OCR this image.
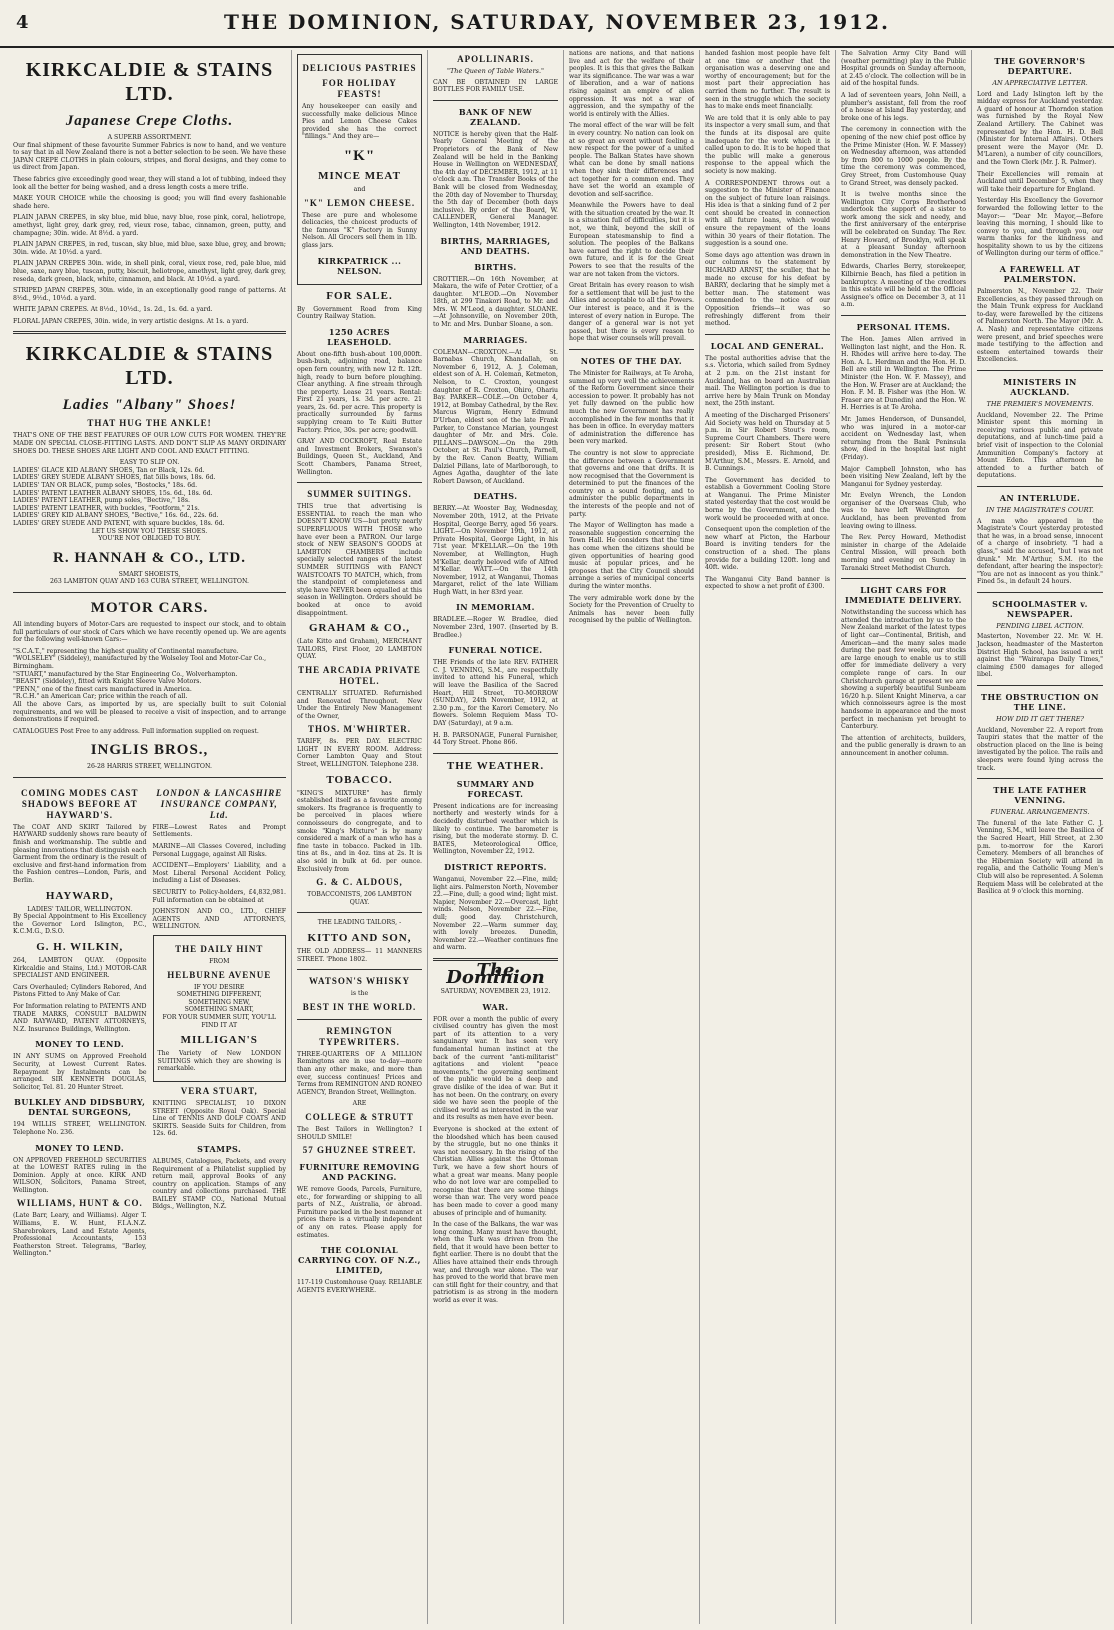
4	THE DOMINION, SATURDAY, NOVEMBER 23, 1912.
KIRKCALDIE & STAINS LTD.
Japanese Crepe Cloths.
A SUPERB ASSORTMENT.

Our final shipment of these favourite Summer Fabrics is now to hand, and we venture to say that in all New Zealand there is not a better selection to be seen. We have these JAPAN CREPE CLOTHS in plain colours, stripes, and floral designs, and they come to us direct from Japan.

These fabrics give exceedingly good wear, they will stand a lot of tubbing, indeed they look all the better for being washed, and a dress length costs a mere trifle.

MAKE YOUR CHOICE while the choosing is good; you will find every fashionable shade here.

PLAIN JAPAN CREPES, in sky blue, mid blue, navy blue, rose pink, coral, heliotrope, amethyst, light grey, dark grey, red, vieux rose, tabac, cinnamon, green, putty, and champagne; 30in. wide. At 8½d. a yard.

PLAIN JAPAN CREPES, in red, tuscan, sky blue, mid blue, saxe blue, grey, and brown; 30in. wide. At 10½d. a yard.

PLAIN JAPAN CREPES 30in. wide, in shell pink, coral, vieux rose, red, pale blue, mid blue, saxe, navy blue, tuscan, putty, biscuit, heliotrope, amethyst, light grey, dark grey, reseda, dark green, black, white, cinnamon, and black. At 10½d. a yard.

STRIPED JAPAN CREPES, 30in. wide, in an exceptionally good range of patterns. At 8½d., 9½d., 10½d. a yard.

WHITE JAPAN CREPES. At 8½d., 10½d., 1s. 2d., 1s. 6d. a yard.

FLORAL JAPAN CREPES, 30in. wide, in very artistic designs. At 1s. a yard.

KIRKCALDIE & STAINS LTD.
Ladies "Albany" Shoes!
THAT HUG THE ANKLE!

THAT'S ONE OF THE BEST FEATURES OF OUR LOW CUTS FOR WOMEN. THEY'RE MADE ON SPECIAL CLOSE-FITTING LASTS. AND DON'T SLIP AS MANY ORDINARY SHOES DO. THESE SHOES ARE LIGHT AND COOL AND EXACT FITTING.

EASY TO SLIP ON.
LADIES' GLACE KID ALBANY SHOES, Tan or Black, 12s. 6d.
LADIES' GREY SUEDE ALBANY SHOES, flat 5ills bows, 18s. 6d.
LADIES' TAN OR BLACK, pump soles, "Bostocks," 18s. 6d.
LADIES' PATENT LEATHER ALBANY SHOES, 15s. 6d., 18s. 6d.
LADIES' PATENT LEATHER, pump soles, "Bective," 18s.
LADIES' PATENT LEATHER, with buckles, "Footform," 21s.
LADIES' GREY KID ALBANY SHOES, "Bective," 16s. 6d., 22s. 6d.
LADIES' GREY SUEDE AND PATENT, with square buckles, 18s. 6d.
LET US SHOW YOU THESE SHOES.
YOU'RE NOT OBLIGED TO BUY.
R. HANNAH & CO., LTD.
SMART SHOEISTS,
263 LAMBTON QUAY AND 163 CUBA STREET, WELLINGTON.
MOTOR CARS.

All intending buyers of Motor-Cars are requested to inspect our stock, and to obtain full particulars of our stock of Cars which we have recently opened up. We are agents for the following well-known Cars:—

"S.C.A.T.," representing the highest quality of Continental manufacture.
"WOLSELEY" (Siddeley), manufactured by the Wolseley Tool and Motor-Car Co., Birmingham.
"STUART," manufactured by the Star Engineering Co., Wolverhampton.
"BEAST" (Siddeley), fitted with Knight Sleeve Valve Motors.
"PENN," one of the finest cars manufactured in America.
"R.C.H." an American Car; price within the reach of all.

All the above Cars, as imported by us, are specially built to suit Colonial requirements, and we will be pleased to receive a visit of inspection, and to arrange demonstrations if required.

CATALOGUES Post Free to any address. Full information supplied on request.

INGLIS BROS.,
26-28 HARRIS STREET, WELLINGTON.
COMING MODES CAST SHADOWS BEFORE AT HAYWARD'S.

The COAT AND SKIRT Tailored by HAYWARD suddenly shows rare beauty of finish and workmanship. The subtle and pleasing innovations that distinguish each Garment from the ordinary is the result of exclusive and first-hand information from the Fashion centres—London, Paris, and Berlin.

HAYWARD,
LADIES' TAILOR, WELLINGTON.

By Special Appointment to His Excellency the Governor Lord Islington, P.C., K.C.M.G., D.S.O.

G. H. WILKIN,

264, LAMBTON QUAY. (Opposite Kirkcaldie and Stains, Ltd.) MOTOR-CAR SPECIALIST AND ENGINEER.

Cars Overhauled; Cylinders Rebored, And Pistons Fitted to Any Make of Car.

For Information relating to PATENTS AND TRADE MARKS, CONSULT BALDWIN AND RAYWARD, PATENT ATTORNEYS, N.Z. Insurance Buildings, Wellington.

MONEY TO LEND.

IN ANY SUMS on Approved Freehold Security, at Lowest Current Rates. Repayment by Instalments can be arranged. SIR KENNETH DOUGLAS, Solicitor, Tel. 81. 20 Hunter Street.

BULKLEY AND DIDSBURY, DENTAL SURGEONS,

194 WILLIS STREET, WELLINGTON. Telephone No. 236.

MONEY TO LEND.

ON APPROVED FREEHOLD SECURITIES at the LOWEST RATES ruling in the Dominion. Apply at once. KIRK AND WILSON, Solicitors, Panama Street, Wellington.

WILLIAMS, HUNT & CO.

(Late Barr, Leary, and Williams). Alger T. Williams, E. W. Hunt, F.I.A.N.Z. Sharebrokers, Land and Estate Agents, Professional Accountants, 153 Featherston Street. Telegrams, "Barley, Wellington."

LONDON & LANCASHIRE INSURANCE COMPANY, Ltd.

FIRE—Lowest Rates and Prompt Settlements.

MARINE—All Classes Covered, including Personal Luggage, against All Risks.

ACCIDENT—Employers' Liability, and a Most Liberal Personal Accident Policy, including a List of Diseases.

SECURITY to Policy-holders, £4,832,981. Full information can be obtained at

JOHNSTON AND CO., LTD., CHIEF AGENTS AND ATTORNEYS, WELLINGTON.

THE DAILY HINT
FROM
HELBURNE AVENUE
IF YOU DESIRE
SOMETHING DIFFERENT,
SOMETHING NEW,
SOMETHING SMART,
FOR YOUR SUMMER SUIT, YOU'LL FIND IT AT
MILLIGAN'S

The Variety of New LONDON SUITINGS which they are showing is remarkable.

VERA STUART,

KNITTING SPECIALIST, 10 DIXON STREET (Opposite Royal Oak). Special Line of TENNIS AND GOLF COATS AND SKIRTS. Seaside Suits for Children, from 12s. 6d.

STAMPS.

ALBUMS, Catalogues, Packets, and every Requirement of a Philatelist supplied by return mail, approval Books of any country on application. Stamps of any country and collections purchased. THE BAILEY STAMP CO., National Mutual Bldgs., Wellington, N.Z.

DELICIOUS PASTRIES
FOR HOLIDAY FEASTS!

Any housekeeper can easily and successfully make delicious Mince Pies and Lemon Cheese Cakes provided she has the correct "fillings." And they are—

"K"
MINCE MEAT
and
"K" LEMON CHEESE.

These are pure and wholesome delicacies, the choicest products of the famous "K" Factory in Sunny Nelson. All Grocers sell them in 1lb. glass jars.

KIRKPATRICK ... NELSON.
FOR SALE.

By Government Road from King Country Railway Station.

1250 ACRES LEASEHOLD.

About one-fifth bush-about 100,000ft. bush-bush, adjoining road, balance open fern country, with new 12 ft. 12ft. high, ready to burn before ploughing. Clear anything. A fine stream through the property. Lease 21 years. Rental: First 21 years, 1s. 3d. per acre. 21 years, 2s. 6d. per acre. This property is practically surrounded by farms supplying cream to Te Kuiti Butter Factory. Price, 30s. per acre; goodwill.

GRAY AND COCKROFT, Real Estate and Investment Brokers, Swanson's Buildings, Queen St., Auckland, And Scott Chambers, Panama Street, Wellington.

SUMMER SUITINGS.

THIS true that advertising is ESSENTIAL to reach the man who DOESN'T KNOW US—but pretty nearly SUPERFLUOUS WITH THOSE who have ever been a PATRON. Our large stock of NEW SEASON'S GOODS at LAMBTON CHAMBERS include specially selected ranges of the latest SUMMER SUITINGS with FANCY WAISTCOATS TO MATCH, which, from the standpoint of completeness and style have NEVER been equalled at this season in Wellington. Orders should be booked at once to avoid disappointment.

GRAHAM & CO.,

(Late Kitto and Graham), MERCHANT TAILORS, First Floor, 20 LAMBTON QUAY.

THE ARCADIA PRIVATE HOTEL.

CENTRALLY SITUATED. Refurnished and Renovated Throughout. New Under the Entirely New Management of the Owner,

THOS. M'WHIRTER.

TARIFF, 8s. PER DAY. ELECTRIC LIGHT IN EVERY ROOM. Address: Corner Lambton Quay and Stout Street, WELLINGTON. Telephone 238.

TOBACCO.

"KING'S MIXTURE" has firmly established itself as a favourite among smokers. Its fragrance is frequently to be perceived in places where connoisseurs do congregate, and to smoke "King's Mixture" is by many considered a mark of a man who has a fine taste in tobacco. Packed in 1lb. tins at 8s., and in 4oz. tins at 2s. It is also sold in bulk at 6d. per ounce. Exclusively from

G. & C. ALDOUS,
TOBACCONISTS, 206 LAMBTON QUAY.
THE LEADING TAILORS, -
KITTO AND SON,

THE OLD ADDRESS— 11 MANNERS STREET. 'Phone 1802.

WATSON'S WHISKY
is the
BEST IN THE WORLD.
REMINGTON TYPEWRITERS.

THREE-QUARTERS OF A MILLION Remingtons are in use to-day—more than any other make, and more than ever, success continues! Prices and Terms from REMINGTON AND RONEO AGENCY, Brandon Street, Wellington.

ARE
COLLEGE & STRUTT

The Best Tailors in Wellington? I SHOULD SMILE!

57 GHUZNEE STREET.
FURNITURE REMOVING AND PACKING.

WE remove Goods, Parcels, Furniture, etc., for forwarding or shipping to all parts of N.Z., Australia, or abroad. Furniture packed in the best manner at prices there is a virtually independent of any on rates. Please apply for estimates.

THE COLONIAL CARRYING COY. OF N.Z., LIMITED,

117-119 Customhouse Quay. RELIABLE AGENTS EVERYWHERE.

APOLLINARIS.
"The Queen of Table Waters."

CAN BE OBTAINED IN LARGE BOTTLES FOR FAMILY USE.

BANK OF NEW ZEALAND.

NOTICE is hereby given that the Half-Yearly General Meeting of the Proprietors of the Bank of New Zealand will be held in the Banking House in Wellington on WEDNESDAY, the 4th day of DECEMBER, 1912, at 11 o'clock a.m. The Transfer Books of the Bank will be closed from Wednesday, the 20th day of November to Thursday, the 5th day of December (both days inclusive). By order of the Board, W. CALLENDER, General Manager. Wellington, 14th November, 1912.

BIRTHS, MARRIAGES, AND DEATHS.
BIRTHS.

CROTTIER.—On 16th November, at Makara, the wife of Peter Crottier, of a daughter. M'LEOD.—On November 18th, at 299 Tinakori Road, to Mr. and Mrs. W. M'Leod, a daughter. SLOANE.—At Johnsonville, on November 20th, to Mr. and Mrs. Dunbar Sloane, a son.

MARRIAGES.

COLEMAN—CROXTON.—At St. Barnabas Church, Khandallah, on November 6, 1912, A. J. Coleman, eldest son of A. H. Coleman, Ketmeton, Nelson, to C. Croxton, youngest daughter of R. Croxton, Ohiro, Ohariu Bay. PARKER—COLE.—On October 4, 1912, at Bombay Cathedral, by the Rev. Marcus Wigram, Henry Edmund D'Urban, eldest son of the late Frank Parker, to Constance Marian, youngest daughter of Mr. and Mrs. Cole. PILLANS—DAWSON.—On the 29th October, at St. Paul's Church, Parnell, by the Rev. Canon Beatty, William Dalziel Pillans, late of Marlborough, to Agnes Agatha, daughter of the late Robert Dawson, of Auckland.

DEATHS.

BERRY.—At Wooster Bay, Wednesday, November 20th, 1912, at the Private Hospital, George Berry, aged 56 years. LIGHT.—On November 19th, 1912, at Private Hospital, George Light, in his 71st year. M'KELLAR.—On the 19th November, at Wellington, Hugh M'Kellar, dearly beloved wife of Alfred M'Kellar. WATT.—On the 14th November, 1912, at Wanganui, Thomas Margaret, relict of the late William Hugh Watt, in her 83rd year.

IN MEMORIAM.

BRADLEE.—Roger W. Bradlee, died November 23rd, 1907. (Inserted by B. Bradlee.)

FUNERAL NOTICE.

THE Friends of the late REV. FATHER C. J. VENNING, S.M., are respectfully invited to attend his Funeral, which will leave the Basilica of the Sacred Heart, Hill Street, TO-MORROW (SUNDAY), 24th November, 1912, at 2.30 p.m., for the Karori Cemetery. No flowers. Solemn Requiem Mass TO-DAY (Saturday), at 9 a.m.

H. B. PARSONAGE, Funeral Furnisher, 44 Tory Street. Phone 866.

THE WEATHER.
SUMMARY AND FORECAST.

Present indications are for increasing northerly and westerly winds for a decidedly disturbed weather which is likely to continue. The barometer is rising, but the moderate stormy. D. C. BATES, Meteorological Office, Wellington, November 22, 1912.

DISTRICT REPORTS.

Wanganui, November 22.—Fine, mild; light airs. Palmerston North, November 22.—Fine, dull; a good wind; light mist. Napier, November 22.—Overcast, light winds. Nelson, November 22.—Fine, dull; good day. Christchurch, November 22.—Warm summer day, with lovely breezes. Dunedin, November 22.—Weather continues fine and warm.

The Dominion
SATURDAY, NOVEMBER 23, 1912.
WAR.

FOR over a month the public of every civilised country has given the most part of its attention to a very sanguinary war. It has seen very fundamental human instinct at the back of the current "anti-militarist" agitations and violent "peace movements," the governing sentiment of the public would be a deep and grave dislike of the idea of war. But it has not been. On the contrary, on every side we have seen the people of the civilised world as interested in the war and its results as men have ever been.

Everyone is shocked at the extent of the bloodshed which has been caused by the struggle, but no one thinks it was not necessary. In the rising of the Christian Allies against the Ottoman Turk, we have a few short hours of what a great war means. Many people who do not love war are compelled to recognise that there are some things worse than war. The very word peace has been made to cover a good many abuses of principle and of humanity.

In the case of the Balkans, the war was long coming. Many must have thought, when the Turk was driven from the field, that it would have been better to fight earlier. There is no doubt that the Allies have attained their ends through war, and through war alone. The war has proved to the world that brave men can still fight for their country, and that patriotism is as strong in the modern world as ever it was.

nations are nations, and that nations live and act for the welfare of their peoples. It is this that gives the Balkan war its significance. The war was a war of liberation, and a war of nations rising against an empire of alien oppression. It was not a war of aggression, and the sympathy of the world is entirely with the Allies.

The moral effect of the war will be felt in every country. No nation can look on at so great an event without feeling a new respect for the power of a united people. The Balkan States have shown what can be done by small nations when they sink their differences and act together for a common end. They have set the world an example of devotion and self-sacrifice.

Meanwhile the Powers have to deal with the situation created by the war. It is a situation full of difficulties, but it is not, we think, beyond the skill of European statesmanship to find a solution. The peoples of the Balkans have earned the right to decide their own future, and it is for the Great Powers to see that the results of the war are not taken from the victors.

Great Britain has every reason to wish for a settlement that will be just to the Allies and acceptable to all the Powers. Our interest is peace, and it is the interest of every nation in Europe. The danger of a general war is not yet passed, but there is every reason to hope that wiser counsels will prevail.

NOTES OF THE DAY.

The Minister for Railways, at Te Aroha, summed up very well the achievements of the Reform Government since their accession to power. It probably has not yet fully dawned on the public how much the new Government has really accomplished in the few months that it has been in office. In everyday matters of administration the difference has been very marked.

The country is not slow to appreciate the difference between a Government that governs and one that drifts. It is now recognised that the Government is determined to put the finances of the country on a sound footing, and to administer the public departments in the interests of the people and not of party.

The Mayor of Wellington has made a reasonable suggestion concerning the Town Hall. He considers that the time has come when the citizens should be given opportunities of hearing good music at popular prices, and he proposes that the City Council should arrange a series of municipal concerts during the winter months.

The very admirable work done by the Society for the Prevention of Cruelty to Animals has never been fully recognised by the public of Wellington.

handed fashion most people have felt at one time or another that the organisation was a deserving one and worthy of encouragement; but for the most part their appreciation has carried them no further. The result is seen in the struggle which the society has to make ends meet financially.

We are told that it is only able to pay its inspector a very small sum, and that the funds at its disposal are quite inadequate for the work which it is called upon to do. It is to be hoped that the public will make a generous response to the appeal which the society is now making.

A CORRESPONDENT throws out a suggestion to the Minister of Finance on the subject of future loan raisings. His idea is that a sinking fund of 2 per cent should be created in connection with all future loans, which would ensure the repayment of the loans within 30 years of their flotation. The suggestion is a sound one.

Some days ago attention was drawn in our columns to the statement by RICHARD ARNST, the sculler, that he made no excuse for his defeat by BARRY, declaring that he simply met a better man. The statement was commended to the notice of our Opposition friends—it was so refreshingly different from their method.

LOCAL AND GENERAL.

The postal authorities advise that the s.s. Victoria, which sailed from Sydney at 2 p.m. on the 21st instant for Auckland, has on board an Australian mail. The Wellington portion is due to arrive here by Main Trunk on Monday next, the 25th instant.

A meeting of the Discharged Prisoners' Aid Society was held on Thursday at 5 p.m. in Sir Robert Stout's room, Supreme Court Chambers. There were present: Sir Robert Stout (who presided), Miss E. Richmond, Dr. M'Arthur, S.M., Messrs. E. Arnold, and B. Cunnings.

The Government has decided to establish a Government Cooling Store at Wanganui. The Prime Minister stated yesterday that the cost would be borne by the Government, and the work would be proceeded with at once.

Consequent upon the completion of the new wharf at Picton, the Harbour Board is inviting tenders for the construction of a shed. The plans provide for a building 120ft. long and 40ft. wide.

The Wanganui City Band banner is expected to show a net profit of £300.

The Salvation Army City Band will (weather permitting) play in the Public Hospital grounds on Sunday afternoon, at 2.45 o'clock. The collection will be in aid of the hospital funds.

A lad of seventeen years, John Neill, a plumber's assistant, fell from the roof of a house at Island Bay yesterday, and broke one of his legs.

The ceremony in connection with the opening of the new chief post office by the Prime Minister (Hon. W. F. Massey) on Wednesday afternoon, was attended by from 800 to 1000 people. By the time the ceremony was commenced, Grey Street, from Customhouse Quay to Grand Street, was densely packed.

It is twelve months since the Wellington City Corps Brotherhood undertook the support of a sister to work among the sick and needy, and the first anniversary of the enterprise will be celebrated on Sunday. The Rev. Henry Howard, of Brooklyn, will speak at a pleasant Sunday afternoon demonstration in the New Theatre.

Edwards, Charles Berry, storekeeper, Kilbirnie Beach, has filed a petition in bankruptcy. A meeting of the creditors in this estate will be held at the Official Assignee's office on December 3, at 11 a.m.

PERSONAL ITEMS.

The Hon. James Allen arrived in Wellington last night, and the Hon. R. H. Rhodes will arrive here to-day. The Hon. A. L. Herdman and the Hon. H. D. Bell are still in Wellington. The Prime Minister (the Hon. W. F. Massey), and the Hon. W. Fraser are at Auckland; the Hon. F. M. B. Fisher was (the Hon. W. Fraser are at Dunedin) and the Hon. W. H. Herries is at Te Aroha.

Mr. James Henderson, of Dunsandel, who was injured in a motor-car accident on Wednesday last, when returning from the Bank Peninsula show, died in the hospital last night (Friday).

Major Campbell Johnston, who has been visiting New Zealand, left by the Manganui for Sydney yesterday.

Mr. Evelyn Wrench, the London organiser of the Overseas Club, who was to have left Wellington for Auckland, has been prevented from leaving owing to illness.

The Rev. Percy Howard, Methodist minister in charge of the Adelaide Central Mission, will preach both morning and evening on Sunday in Taranaki Street Methodist Church.

LIGHT CARS FOR IMMEDIATE DELIVERY.

Notwithstanding the success which has attended the introduction by us to the New Zealand market of the latest types of light car—Continental, British, and American—and the many sales made during the past few weeks, our stocks are large enough to enable us to still offer for immediate delivery a very complete range of cars. In our Christchurch garage at present we are showing a superbly beautiful Sunbeam 16/20 h.p. Silent Knight Minerva, a car which connoisseurs agree is the most handsome in appearance and the most perfect in mechanism yet brought to Canterbury.

The attention of architects, builders, and the public generally is drawn to an announcement in another column.

THE GOVERNOR'S DEPARTURE.
AN APPRECIATIVE LETTER.

Lord and Lady Islington left by the midday express for Auckland yesterday. A guard of honour at Thorndon station was furnished by the Royal New Zealand Artillery. The Cabinet was represented by the Hon. H. D. Bell (Minister for Internal Affairs). Others present were the Mayor (Mr. D. M'Laren), a number of city councillors, and the Town Clerk (Mr. J. R. Palmer).

Their Excellencies will remain at Auckland until December 5, when they will take their departure for England.

Yesterday His Excellency the Governor forwarded the following letter to the Mayor:— "Dear Mr. Mayor,—Before leaving this morning, I should like to convey to you, and through you, our warm thanks for the kindness and hospitality shown to us by the citizens of Wellington during our term of office."

A FAREWELL AT PALMERSTON.

Palmerston N., November 22. Their Excellencies, as they passed through on the Main Trunk express for Auckland to-day, were farewelled by the citizens of Palmerston North. The Mayor (Mr. A. A. Nash) and representative citizens were present, and brief speeches were made testifying to the affection and esteem entertained towards their Excellencies.

MINISTERS IN AUCKLAND.
THE PREMIER'S MOVEMENTS.

Auckland, November 22. The Prime Minister spent this morning in receiving various public and private deputations, and at lunch-time paid a brief visit of inspection to the Colonial Ammunition Company's factory at Mount Eden. This afternoon he attended to a further batch of deputations.

AN INTERLUDE.
IN THE MAGISTRATE'S COURT.

A man who appeared in the Magistrate's Court yesterday protested that he was, in a broad sense, innocent of a charge of insobriety. "I had a glass," said the accused, "but I was not drunk." Mr. M'Arthur, S.M. (to the defendant, after hearing the inspector): "You are not as innocent as you think." Fined 5s., in default 24 hours.

SCHOOLMASTER v. NEWSPAPER.
PENDING LIBEL ACTION.

Masterton, November 22. Mr. W. H. Jackson, headmaster of the Masterton District High School, has issued a writ against the "Wairarapa Daily Times," claiming £500 damages for alleged libel.

THE OBSTRUCTION ON THE LINE.
HOW DID IT GET THERE?

Auckland, November 22. A report from Taupiri states that the matter of the obstruction placed on the line is being investigated by the police. The rails and sleepers were found lying across the track.

THE LATE FATHER VENNING.
FUNERAL ARRANGEMENTS.

The funeral of the late Father C. J. Venning, S.M., will leave the Basilica of the Sacred Heart, Hill Street, at 2.30 p.m. to-morrow for the Karori Cemetery. Members of all branches of the Hibernian Society will attend in regalia, and the Catholic Young Men's Club will also be represented. A Solemn Requiem Mass will be celebrated at the Basilica at 9 o'clock this morning.
